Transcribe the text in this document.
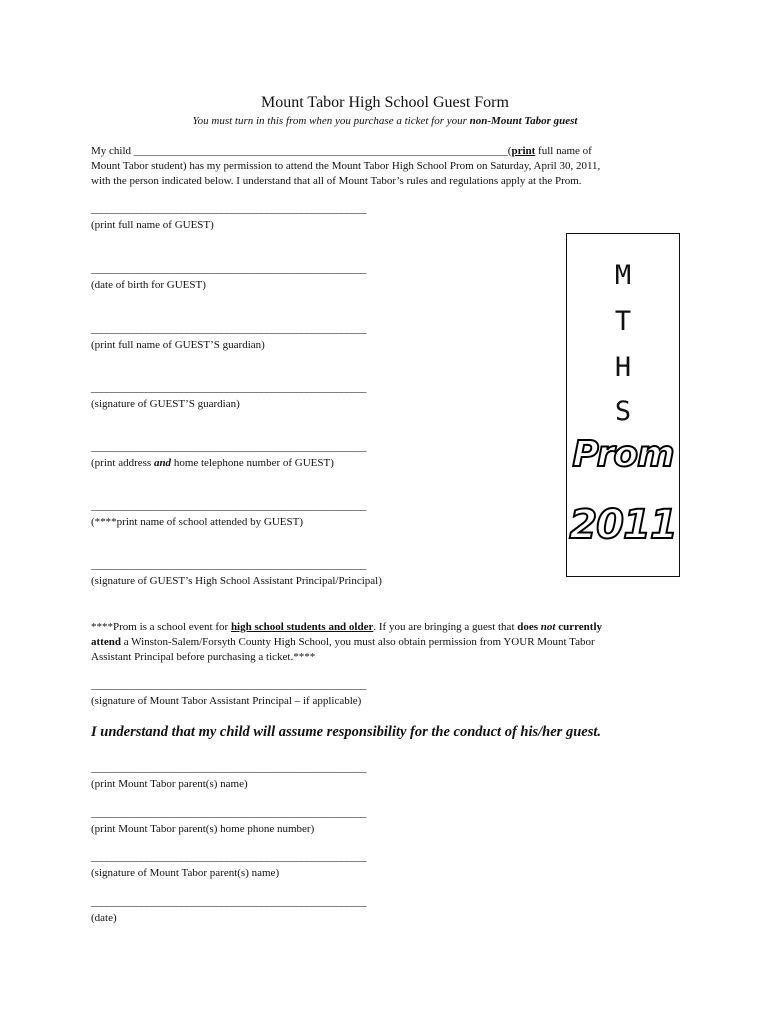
Mount Tabor High School Guest Form
You must turn in this from when you purchase a ticket for your non-Mount Tabor guest
My child ____________________________________________________________________(print full name of
Mount Tabor student) has my permission to attend the Mount Tabor High School Prom on Saturday, April 30, 2011,
with the person indicated below. I understand that all of Mount Tabor’s rules and regulations apply at the Prom.
_______________________________________________________
(print full name of GUEST)
_______________________________________________________
(date of birth for GUEST)
_______________________________________________________
(print full name of GUEST’S guardian)
_______________________________________________________
(signature of GUEST’S guardian)
_______________________________________________________
(print address and home telephone number of GUEST)
_______________________________________________________
(****print name of school attended by GUEST)
_______________________________________________________
(signature of GUEST’s High School Assistant Principal/Principal)
M
T
H
S
Prom
2011
****Prom is a school event for high school students and older. If you are bringing a guest that does not currently
attend a Winston-Salem/Forsyth County High School, you must also obtain permission from YOUR Mount Tabor
Assistant Principal before purchasing a ticket.****
_______________________________________________________
(signature of Mount Tabor Assistant Principal – if applicable)
I understand that my child will assume responsibility for the conduct of his/her guest.
_______________________________________________________
(print Mount Tabor parent(s) name)
_______________________________________________________
(print Mount Tabor parent(s) home phone number)
_______________________________________________________
(signature of Mount Tabor parent(s) name)
_______________________________________________________
(date)
